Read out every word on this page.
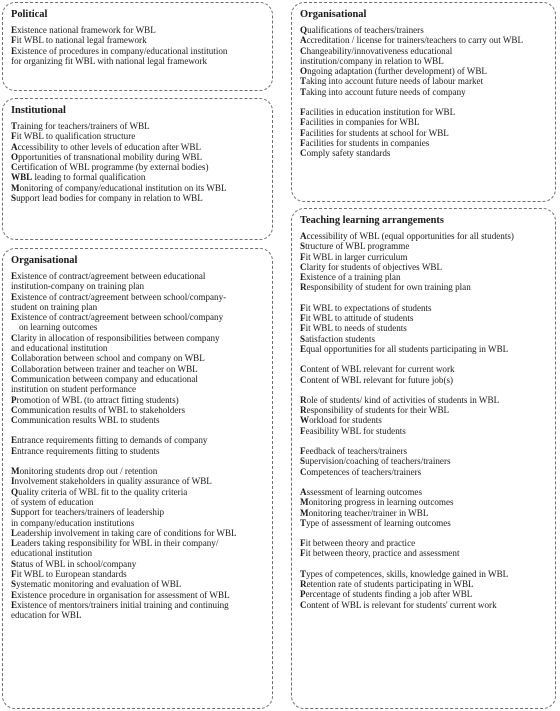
Political
Existence national framework for WBL
Fit WBL to national legal framework
Existence of procedures in company/educational institution
for organizing fit WBL with national legal framework
Institutional
Training for teachers/trainers of WBL
Fit WBL to qualification structure
Accessibility to other levels of education after WBL
Opportunities of transnational mobility during WBL
Certification of WBL programme (by external bodies)
WBL leading to formal qualification
Monitoring of company/educational institution on its WBL
Support lead bodies for company in relation to WBL
Organisational
Existence of contract/agreement between educational
institution-company on training plan
Existence of contract/agreement between school/company-
student on training plan
Existence of contract/agreement between school/company
on learning outcomes
Clarity in allocation of responsibilities between company
and educational institution
Collaboration between school and company on WBL
Collaboration between trainer and teacher on WBL
Communication between company and educational
institution on student performance
Promotion of WBL (to attract fitting students)
Communication results of WBL to stakeholders
Communication results WBL to students
Entrance requirements fitting to demands of company
Entrance requirements fitting to students
Monitoring students drop out / retention
Involvement stakeholders in quality assurance of WBL
Quality criteria of WBL fit to the quality criteria
of system of education
Support for teachers/trainers of leadership
in company/education institutions
Leadership involvement in taking care of conditions for WBL
Leaders taking responsibility for WBL in their company/
educational institution
Status of WBL in school/company
Fit WBL to European standards
Systematic monitoring and evaluation of WBL
Existence procedure in organisation for assessment of WBL
Existence of mentors/trainers initial training and continuing
education for WBL
Organisational
Qualifications of teachers/trainers
Accreditation / license for trainers/teachers to carry out WBL
Changeability/innovativeness educational
institution/company in relation to WBL
Ongoing adaptation (further development) of WBL
Taking into account future needs of labour market
Taking into account future needs of company
Facilities in education institution for WBL
Facilities in companies for WBL
Facilities for students at school for WBL
Facilities for students in companies
Comply safety standards
Teaching learning arrangements
Accessibility of WBL (equal opportunities for all students)
Structure of WBL programme
Fit WBL in larger curriculum
Clarity for students of objectives WBL
Existence of a training plan
Responsibility of student for own training plan
Fit WBL to expectations of students
Fit WBL to attitude of students
Fit WBL to needs of students
Satisfaction students
Equal opportunities for all students participating in WBL
Content of WBL relevant for current work
Content of WBL relevant for future job(s)
Role of students/ kind of activities of students in WBL
Responsibility of students for their WBL
Workload for students
Feasibility WBL for students
Feedback of teachers/trainers
Supervision/coaching of teachers/trainers
Competences of teachers/trainers
Assessment of learning outcomes
Monitoring progress in learning outcomes
Monitoring teacher/trainer in WBL
Type of assessment of learning outcomes
Fit between theory and practice
Fit between theory, practice and assessment
Types of competences, skills, knowledge gained in WBL
Retention rate of students participating in WBL
Percentage of students finding a job after WBL
Content of WBL is relevant for students' current work
